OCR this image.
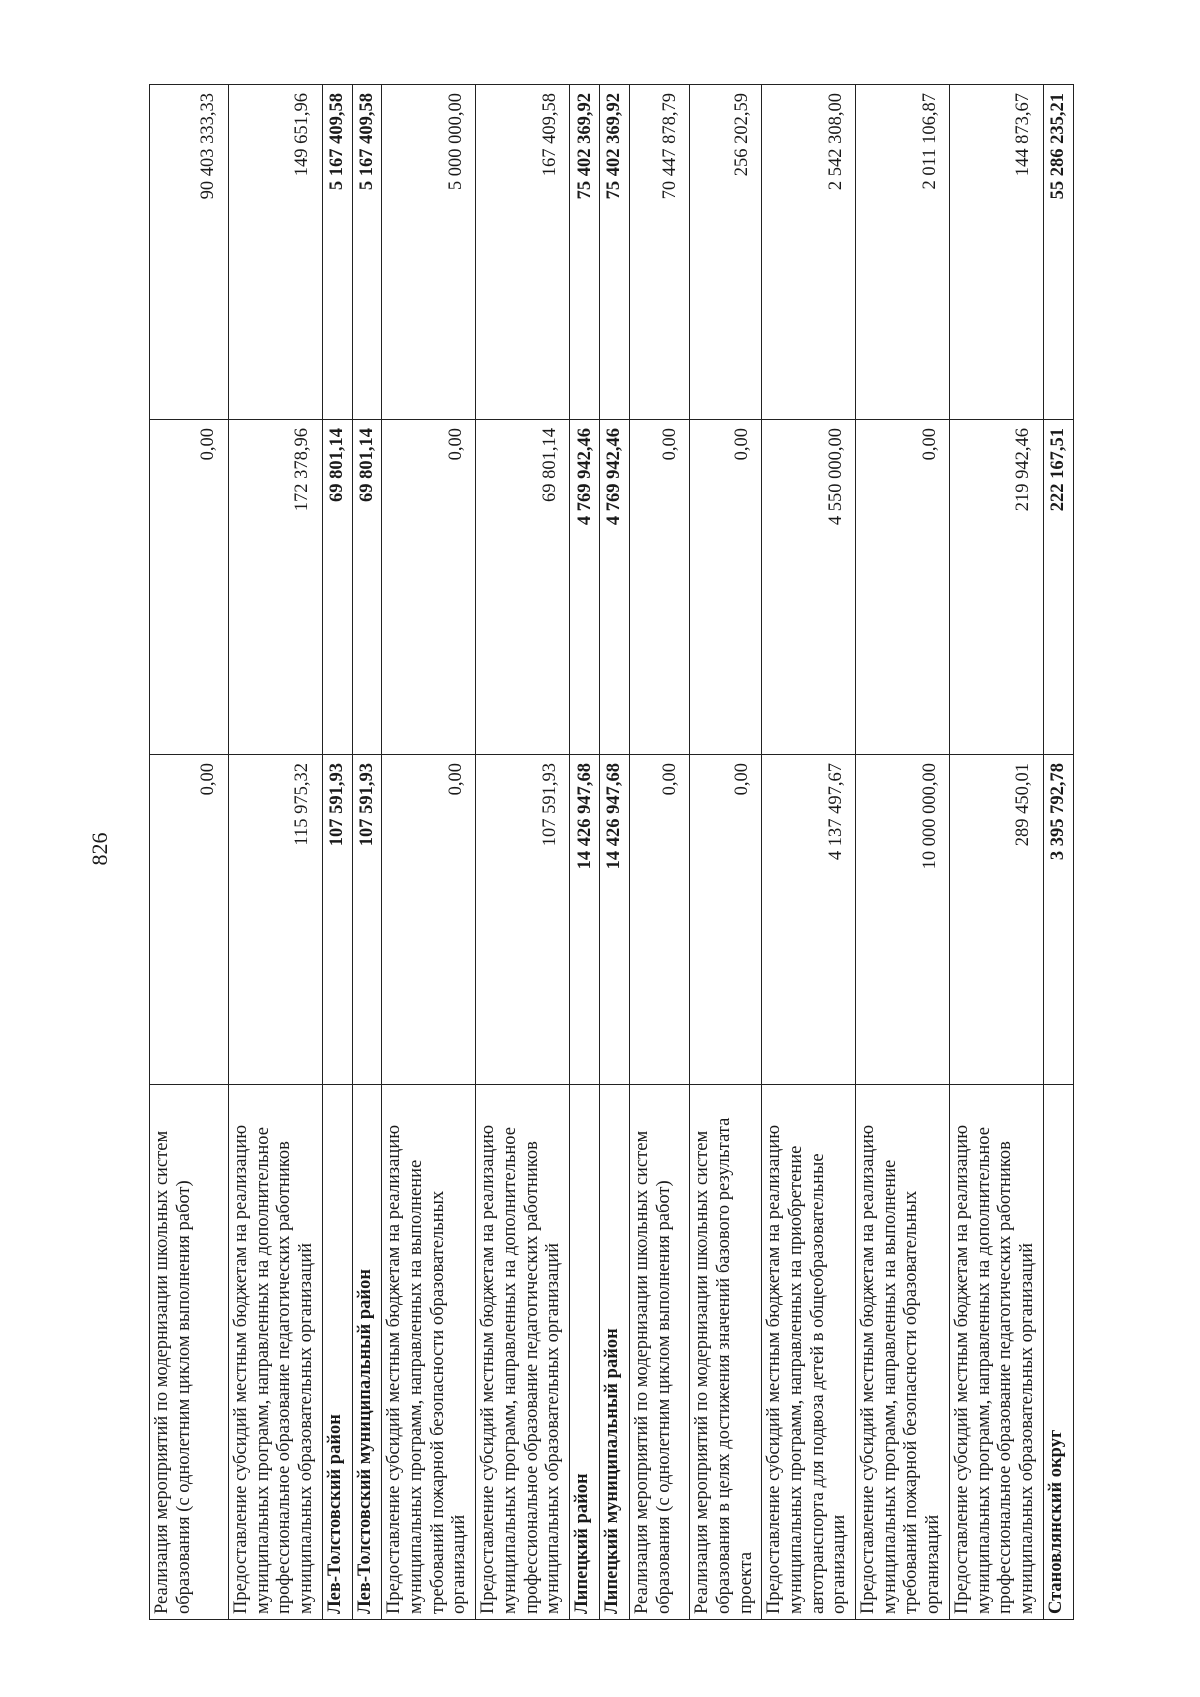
826
Реализация мероприятий по модернизации школьных систем образования (с однолетним циклом выполнения работ)	0,00	0,00	90 403 333,33
Предоставление субсидий местным бюджетам на реализацию муниципальных программ, направленных на дополнительное профессиональное образование педагогических работников муниципальных образовательных организаций	115 975,32	172 378,96	149 651,96
Лев-Толстовский район	107 591,93	69 801,14	5 167 409,58
Лев-Толстовский муниципальный район	107 591,93	69 801,14	5 167 409,58
Предоставление субсидий местным бюджетам на реализацию муниципальных программ, направленных на выполнение требований пожарной безопасности образовательных организаций	0,00	0,00	5 000 000,00
Предоставление субсидий местным бюджетам на реализацию муниципальных программ, направленных на дополнительное профессиональное образование педагогических работников муниципальных образовательных организаций	107 591,93	69 801,14	167 409,58
Липецкий район	14 426 947,68	4 769 942,46	75 402 369,92
Липецкий муниципальный район	14 426 947,68	4 769 942,46	75 402 369,92
Реализация мероприятий по модернизации школьных систем образования (с однолетним циклом выполнения работ)	0,00	0,00	70 447 878,79
Реализация мероприятий по модернизации школьных систем образования в целях достижения значений базового результата проекта	0,00	0,00	256 202,59
Предоставление субсидий местным бюджетам на реализацию муниципальных программ, направленных на приобретение автотранспорта для подвоза детей в общеобразовательные организации	4 137 497,67	4 550 000,00	2 542 308,00
Предоставление субсидий местным бюджетам на реализацию муниципальных программ, направленных на выполнение требований пожарной безопасности образовательных организаций	10 000 000,00	0,00	2 011 106,87
Предоставление субсидий местным бюджетам на реализацию муниципальных программ, направленных на дополнительное профессиональное образование педагогических работников муниципальных образовательных организаций	289 450,01	219 942,46	144 873,67
Становлянский округ	3 395 792,78	222 167,51	55 286 235,21
